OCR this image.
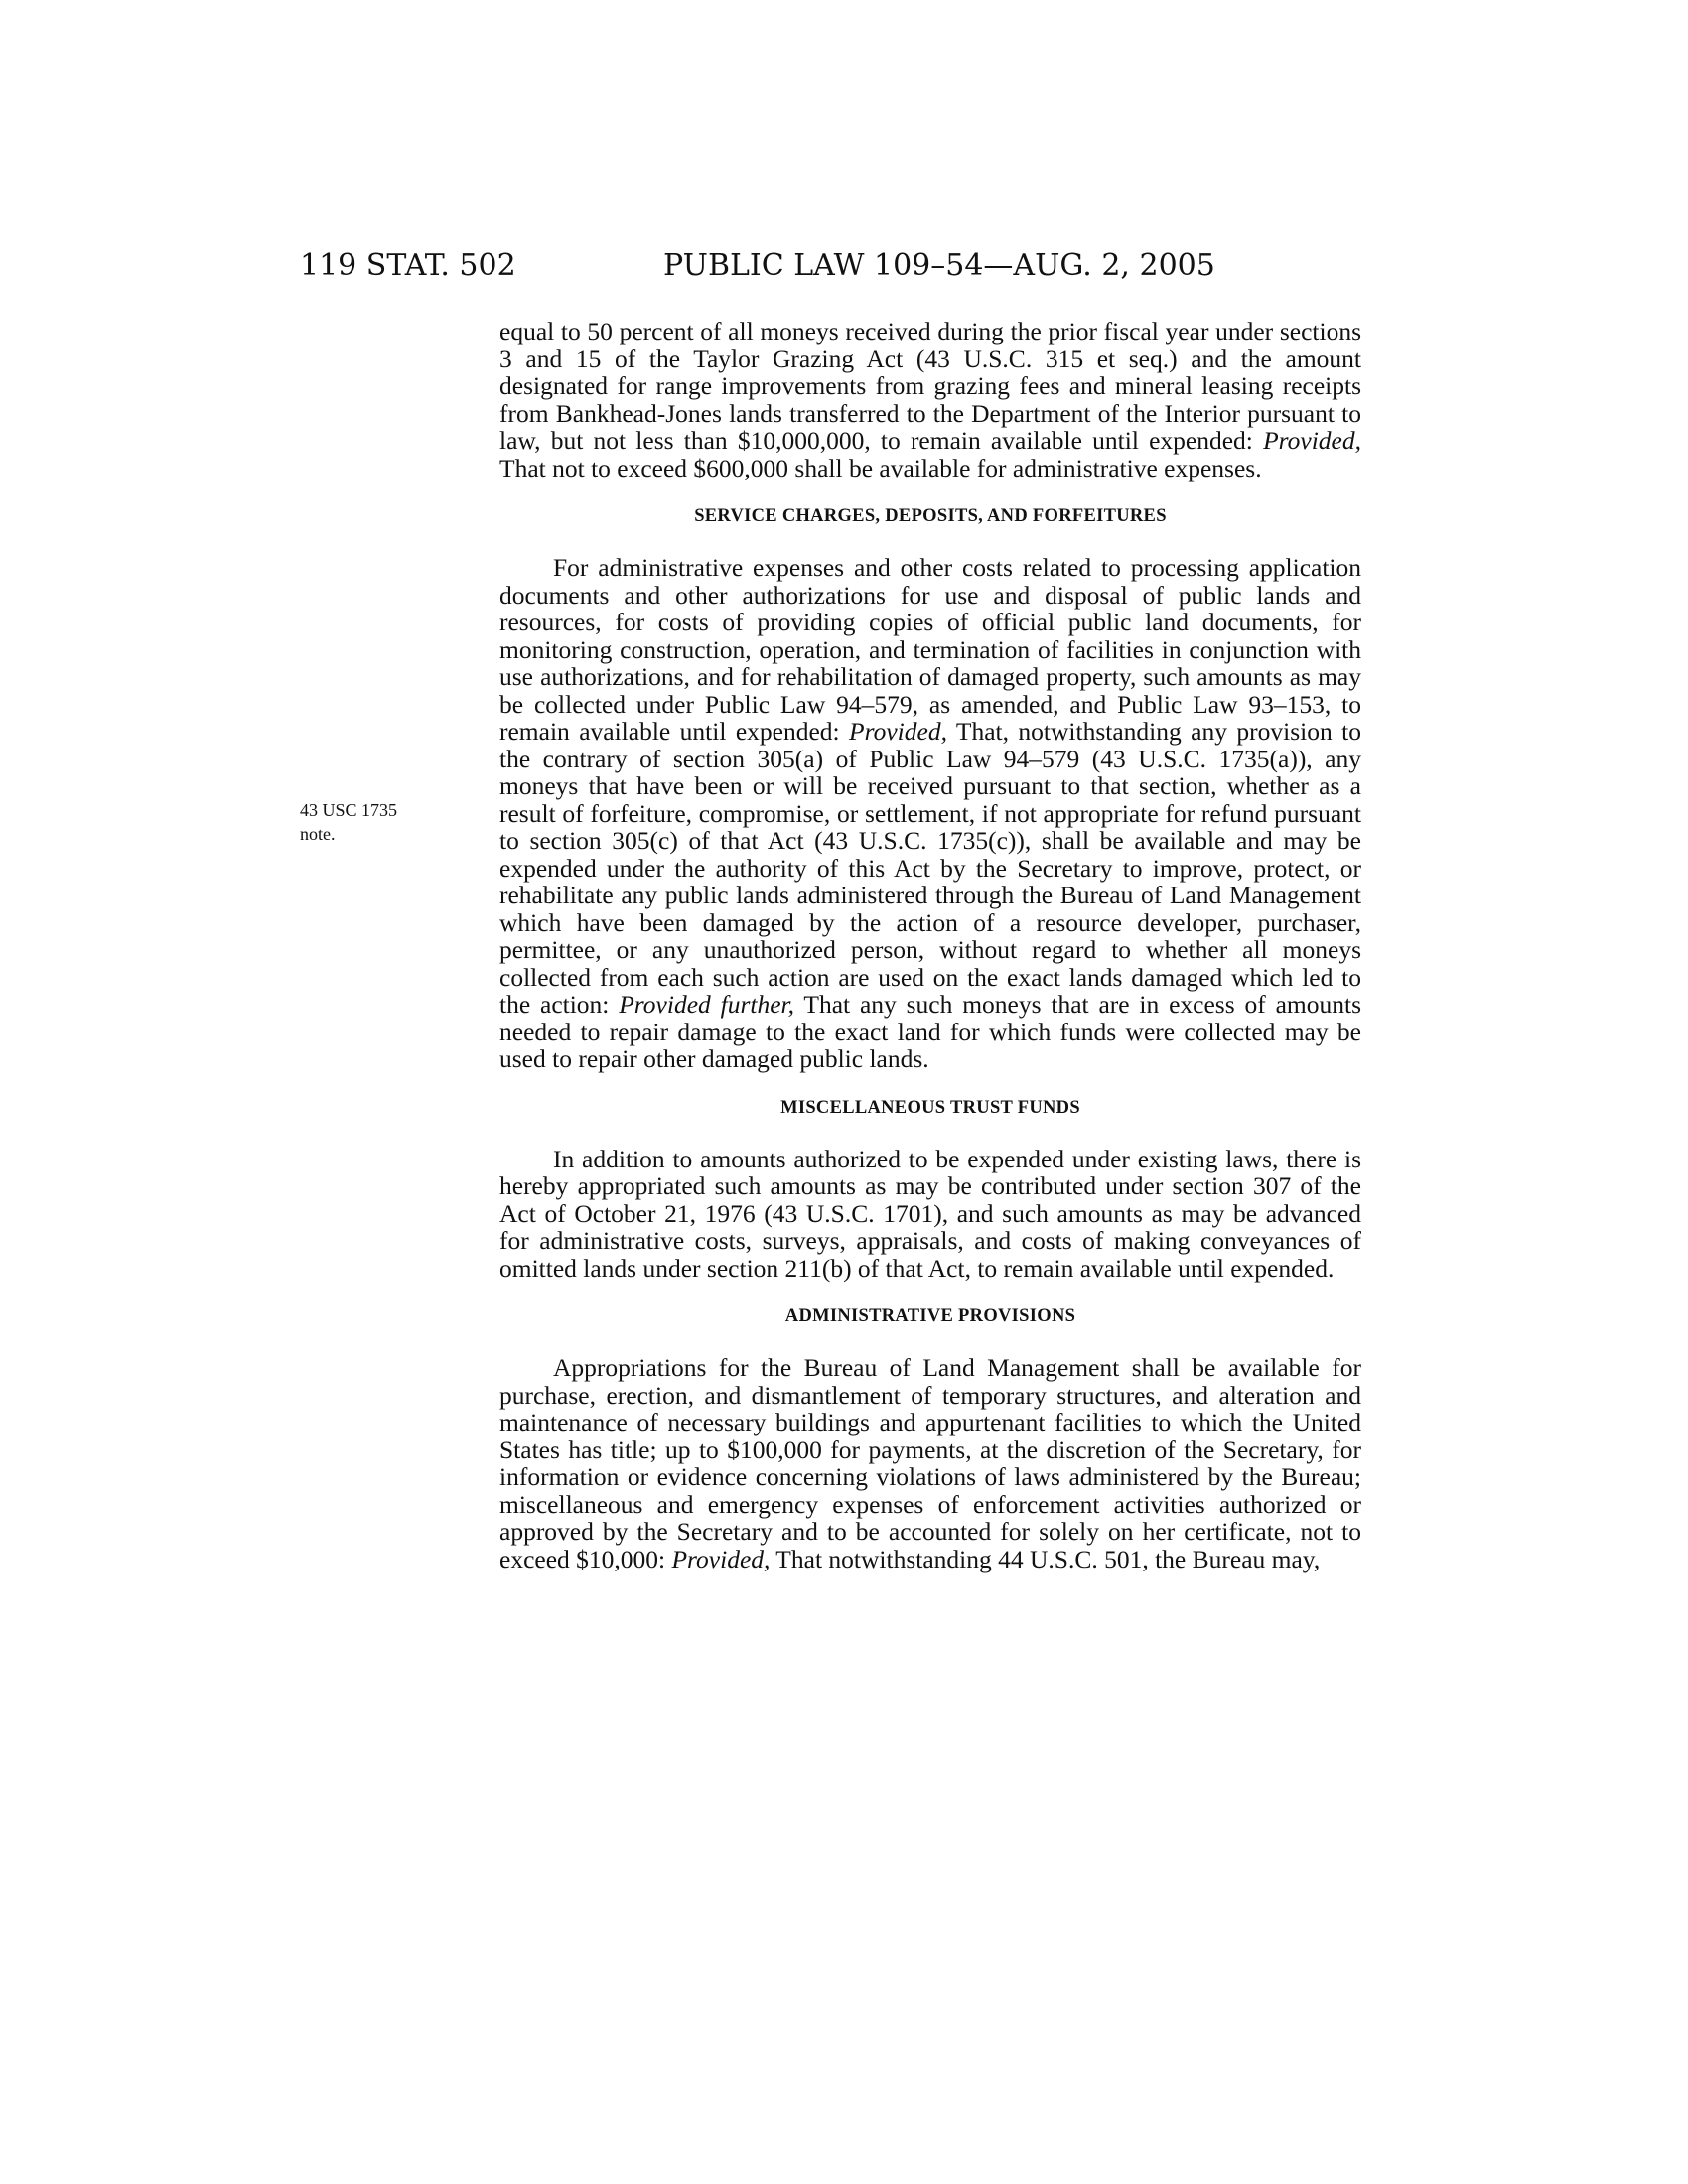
119 STAT. 502	PUBLIC LAW 109–54—AUG. 2, 2005
43 USC 1735
note.

equal to 50 percent of all moneys received during the prior fiscal year under sections 3 and 15 of the Taylor Grazing Act (43 U.S.C. 315 et seq.) and the amount designated for range improvements from grazing fees and mineral leasing receipts from Bankhead-Jones lands transferred to the Department of the Interior pursuant to law, but not less than $10,000,000, to remain available until expended: Provided, That not to exceed $600,000 shall be available for administrative expenses.

SERVICE CHARGES, DEPOSITS, AND FORFEITURES

For administrative expenses and other costs related to processing application documents and other authorizations for use and disposal of public lands and resources, for costs of providing copies of official public land documents, for monitoring construction, operation, and termination of facilities in conjunction with use authorizations, and for rehabilitation of damaged property, such amounts as may be collected under Public Law 94–579, as amended, and Public Law 93–153, to remain available until expended: Provided, That, notwithstanding any provision to the contrary of section 305(a) of Public Law 94–579 (43 U.S.C. 1735(a)), any moneys that have been or will be received pursuant to that section, whether as a result of forfeiture, compromise, or settlement, if not appropriate for refund pursuant to section 305(c) of that Act (43 U.S.C. 1735(c)), shall be available and may be expended under the authority of this Act by the Secretary to improve, protect, or rehabilitate any public lands administered through the Bureau of Land Management which have been damaged by the action of a resource developer, purchaser, permittee, or any unauthorized person, without regard to whether all moneys collected from each such action are used on the exact lands damaged which led to the action: Provided further, That any such moneys that are in excess of amounts needed to repair damage to the exact land for which funds were collected may be used to repair other damaged public lands.

MISCELLANEOUS TRUST FUNDS

In addition to amounts authorized to be expended under existing laws, there is hereby appropriated such amounts as may be contributed under section 307 of the Act of October 21, 1976 (43 U.S.C. 1701), and such amounts as may be advanced for administrative costs, surveys, appraisals, and costs of making conveyances of omitted lands under section 211(b) of that Act, to remain available until expended.

ADMINISTRATIVE PROVISIONS

Appropriations for the Bureau of Land Management shall be available for purchase, erection, and dismantlement of temporary structures, and alteration and maintenance of necessary buildings and appurtenant facilities to which the United States has title; up to $100,000 for payments, at the discretion of the Secretary, for information or evidence concerning violations of laws administered by the Bureau; miscellaneous and emergency expenses of enforcement activities authorized or approved by the Secretary and to be accounted for solely on her certificate, not to exceed $10,000: Provided, That notwithstanding 44 U.S.C. 501, the Bureau may,
